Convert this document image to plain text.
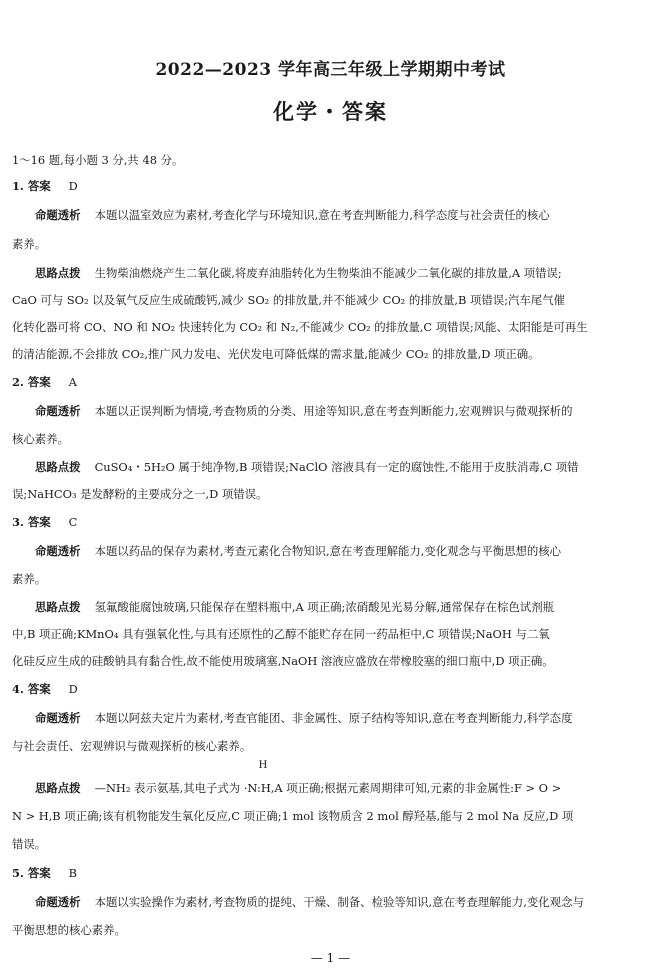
2022—2023 学年高三年级上学期期中考试
化学・答案
1～16 题,每小题 3 分,共 48 分。
1. 答案 D
命题透析 本题以温室效应为素材,考查化学与环境知识,意在考查判断能力,科学态度与社会责任的核心
素养。
思路点拨 生物柴油燃烧产生二氧化碳,将废弃油脂转化为生物柴油不能减少二氧化碳的排放量,A 项错误;
CaO 可与 SO₂ 以及氧气反应生成硫酸钙,减少 SO₂ 的排放量,并不能减少 CO₂ 的排放量,B 项错误;汽车尾气催
化转化器可将 CO、NO 和 NO₂ 快速转化为 CO₂ 和 N₂,不能减少 CO₂ 的排放量,C 项错误;风能、太阳能是可再生
的清洁能源,不会排放 CO₂,推广风力发电、光伏发电可降低煤的需求量,能减少 CO₂ 的排放量,D 项正确。
2. 答案 A
命题透析 本题以正误判断为情境,考查物质的分类、用途等知识,意在考查判断能力,宏观辨识与微观探析的
核心素养。
思路点拨 CuSO₄・5H₂O 属于纯净物,B 项错误;NaClO 溶液具有一定的腐蚀性,不能用于皮肤消毒,C 项错
误;NaHCO₃ 是发酵粉的主要成分之一,D 项错误。
3. 答案 C
命题透析 本题以药品的保存为素材,考查元素化合物知识,意在考查理解能力,变化观念与平衡思想的核心
素养。
思路点拨 氢氟酸能腐蚀玻璃,只能保存在塑料瓶中,A 项正确;浓硝酸见光易分解,通常保存在棕色试剂瓶
中,B 项正确;KMnO₄ 具有强氧化性,与具有还原性的乙醇不能贮存在同一药品柜中,C 项错误;NaOH 与二氧
化硅反应生成的硅酸钠具有黏合性,故不能使用玻璃塞,NaOH 溶液应盛放在带橡胶塞的细口瓶中,D 项正确。
4. 答案 D
命题透析 本题以阿兹夫定片为素材,考查官能团、非金属性、原子结构等知识,意在考查判断能力,科学态度
与社会责任、宏观辨识与微观探析的核心素养。
H
思路点拨 —NH₂ 表示氨基,其电子式为 ·N:H,A 项正确;根据元素周期律可知,元素的非金属性:F > O >
N > H,B 项正确;该有机物能发生氧化反应,C 项正确;1 mol 该物质含 2 mol 醇羟基,能与 2 mol Na 反应,D 项
错误。
5. 答案 B
命题透析 本题以实验操作为素材,考查物质的提纯、干燥、制备、检验等知识,意在考查理解能力,变化观念与
平衡思想的核心素养。
— 1 —
